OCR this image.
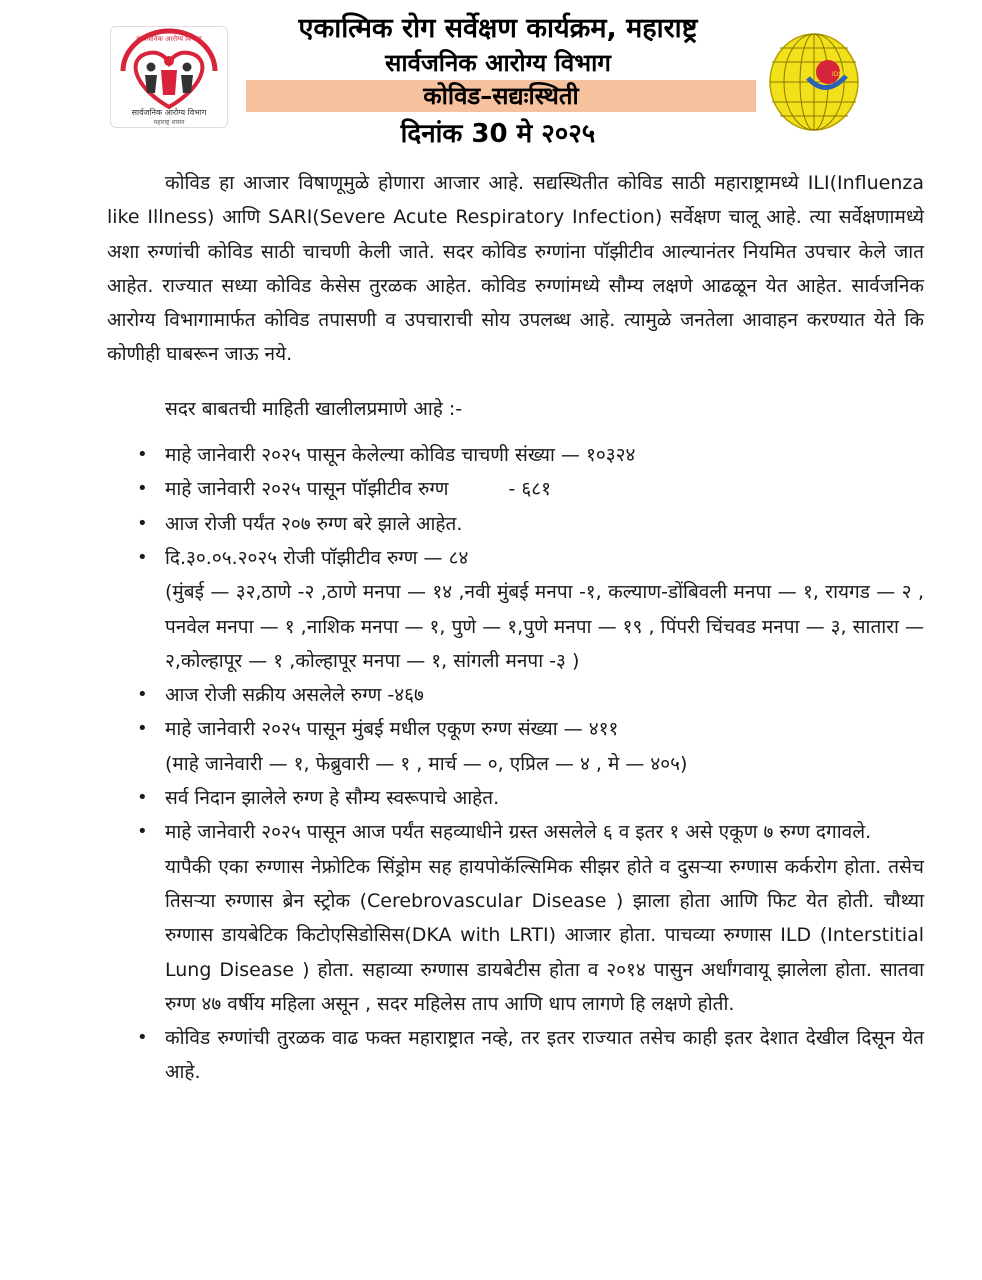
सार्वजनिक आरोग्य विभाग
सार्वजनिक आरोग्य विभाग
महाराष्ट्र शासन
एकात्मिक रोग सर्वेक्षण कार्यक्रम, महाराष्ट्र
सार्वजनिक आरोग्य विभाग
कोविड–सद्यःस्थिती
दिनांक 30 मे २०२५
IDSP

कोविड हा आजार विषाणूमुळे होणारा आजार आहे. सद्यस्थितीत कोविड साठी महाराष्ट्रामध्ये ILI(Influenza like Illness) आणि SARI(Severe Acute Respiratory Infection) सर्वेक्षण चालू आहे. त्या सर्वेक्षणामध्ये अशा रुग्णांची कोविड साठी चाचणी केली जाते. सदर कोविड रुग्णांना पॉझीटीव आल्यानंतर नियमित उपचार केले जात आहेत. राज्यात सध्या कोविड केसेस तुरळक आहेत. कोविड रुग्णांमध्ये सौम्य लक्षणे आढळून येत आहेत. सार्वजनिक आरोग्य विभागामार्फत कोविड तपासणी व उपचाराची सोय उपलब्ध आहे. त्यामुळे जनतेला आवाहन करण्यात येते कि कोणीही घाबरून जाऊ नये.

सदर बाबतची माहिती खालीलप्रमाणे आहे :-
• माहे जानेवारी २०२५ पासून केलेल्या कोविड चाचणी संख्या — १०३२४
• माहे जानेवारी २०२५ पासून पॉझीटीव रुग्ण	- ६८१
• आज रोजी पर्यंत २०७ रुग्ण बरे झाले आहेत.
• दि.३०.०५.२०२५ रोजी पॉझीटीव रुग्ण — ८४
(मुंबई — ३२,ठाणे -२ ,ठाणे मनपा — १४ ,नवी मुंबई मनपा -१, कल्याण-डोंबिवली मनपा — १, रायगड — २ , पनवेल मनपा — १ ,नाशिक मनपा — १, पुणे — १,पुणे मनपा — १९ , पिंपरी चिंचवड मनपा — ३, सातारा — २,कोल्हापूर — १ ,कोल्हापूर मनपा — १, सांगली मनपा -३ )
• आज रोजी सक्रीय असलेले रुग्ण -४६७
• माहे जानेवारी २०२५ पासून मुंबई मधील एकूण रुग्ण संख्या — ४११
(माहे जानेवारी — १, फेब्रुवारी — १ , मार्च — ०, एप्रिल — ४ , मे — ४०५)
• सर्व निदान झालेले रुग्ण हे सौम्य स्वरूपाचे आहेत.
• माहे जानेवारी २०२५ पासून आज पर्यंत सहव्याधीने ग्रस्त असलेले ६ व इतर १ असे एकूण ७ रुग्ण दगावले.
यापैकी एका रुग्णास नेफ्रोटिक सिंड्रोम सह हायपोकॅल्सिमिक सीझर होते व दुसऱ्या रुग्णास कर्करोग होता. तसेच तिसऱ्या रुग्णास ब्रेन स्ट्रोक (Cerebrovascular Disease ) झाला होता आणि फिट येत होती. चौथ्या रुग्णास डायबेटिक किटोएसिडोसिस(DKA with LRTI) आजार होता. पाचव्या रुग्णास ILD (Interstitial Lung Disease ) होता. सहाव्या रुग्णास डायबेटीस होता व २०१४ पासुन अर्धांगवायू झालेला होता. सातवा रुग्ण ४७ वर्षीय महिला असून , सदर महिलेस ताप आणि धाप लागणे हि लक्षणे होती.
• कोविड रुग्णांची तुरळक वाढ फक्त महाराष्ट्रात नव्हे, तर इतर राज्यात तसेच काही इतर देशात देखील दिसून येत आहे.
